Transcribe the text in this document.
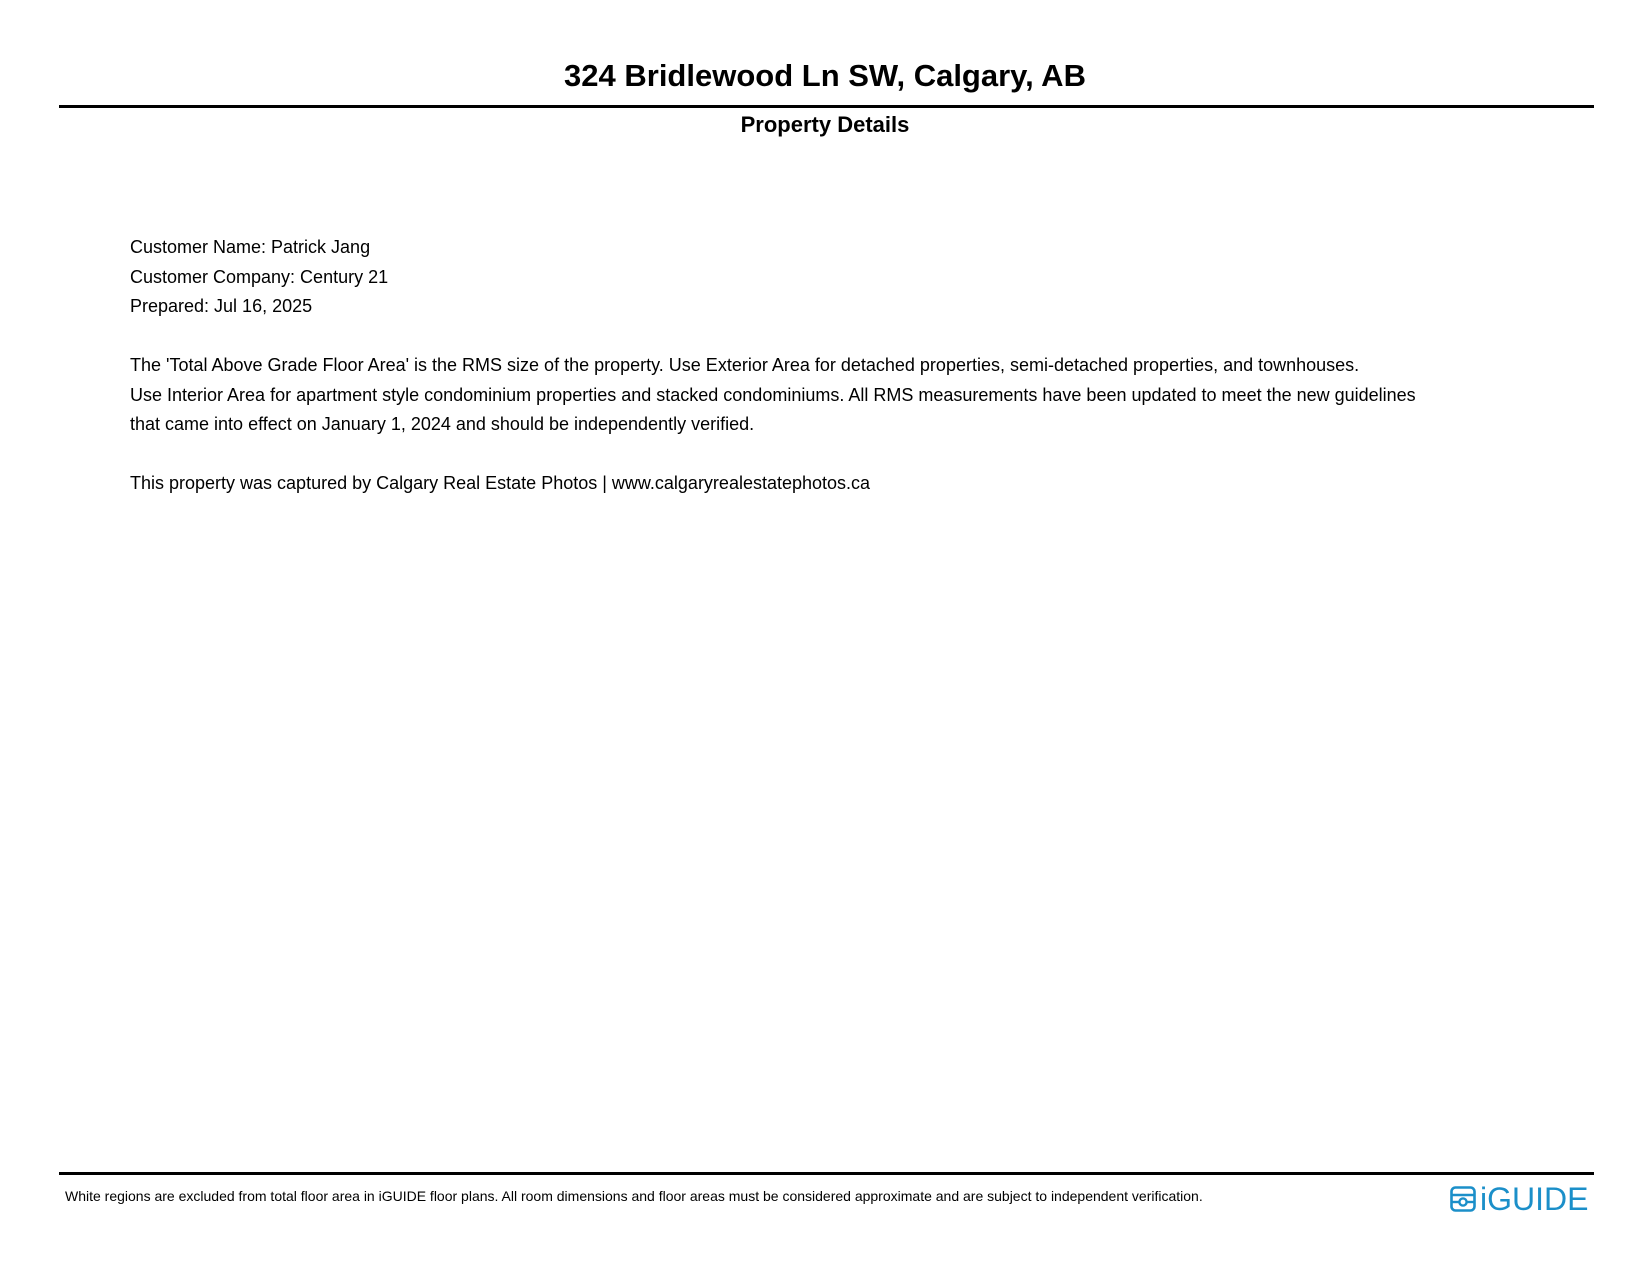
324 Bridlewood Ln SW, Calgary, AB
Property Details
Customer Name: Patrick Jang
Customer Company: Century 21
Prepared: Jul 16, 2025
The 'Total Above Grade Floor Area' is the RMS size of the property. Use Exterior Area for detached properties, semi-detached properties, and townhouses.
Use Interior Area for apartment style condominium properties and stacked condominiums. All RMS measurements have been updated to meet the new guidelines
that came into effect on January 1, 2024 and should be independently verified.
This property was captured by Calgary Real Estate Photos | www.calgaryrealestatephotos.ca
White regions are excluded from total floor area in iGUIDE floor plans. All room dimensions and floor areas must be considered approximate and are subject to independent verification.	iGUIDE
